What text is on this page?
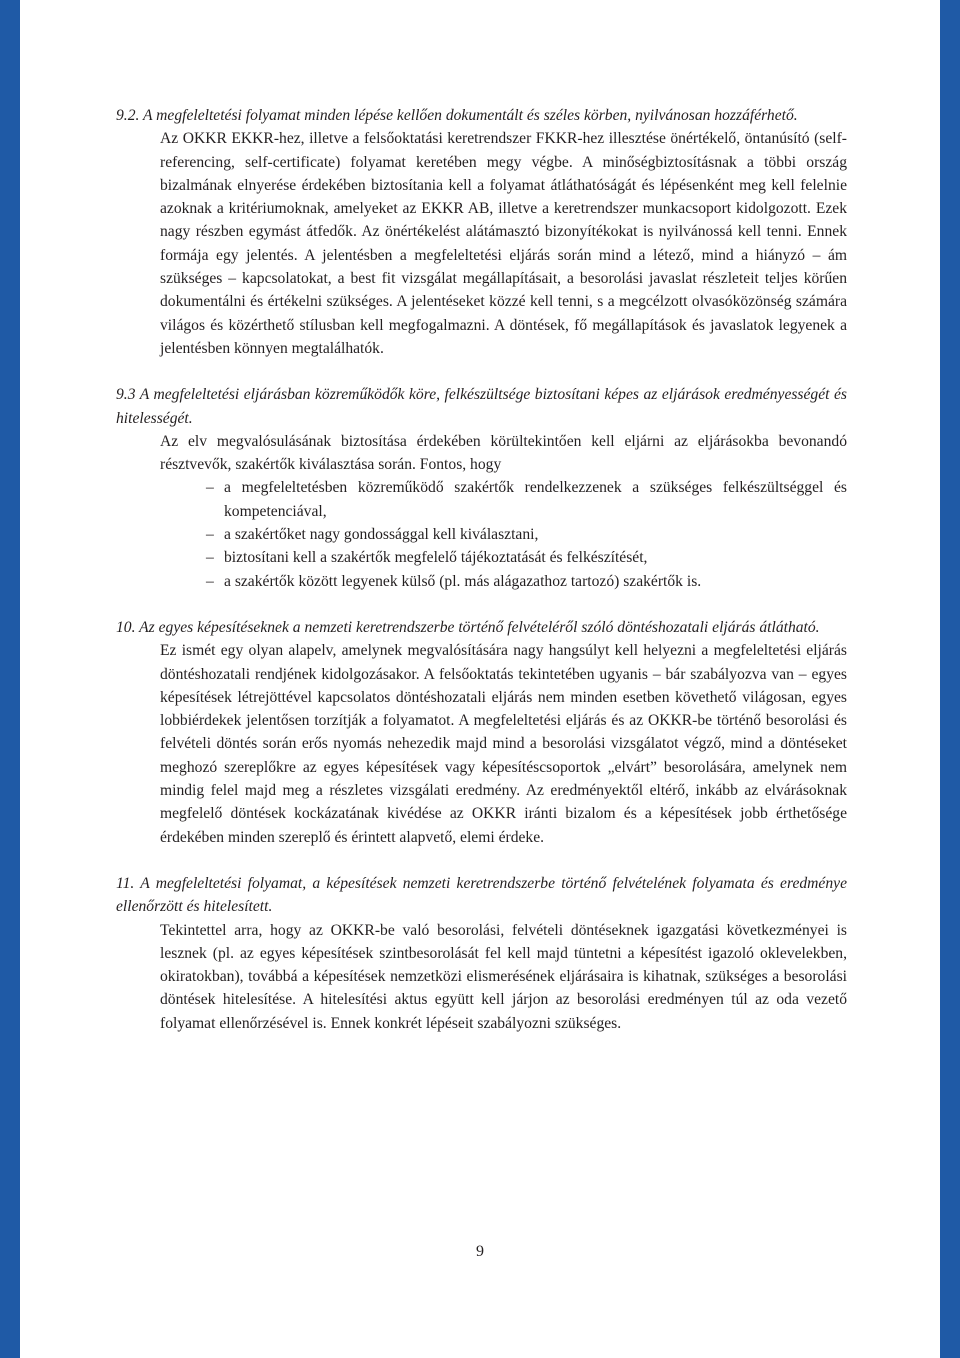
9.2. A megfeleltetési folyamat minden lépése kellően dokumentált és széles körben, nyilvánosan hozzáférhető.

Az OKKR EKKR-hez, illetve a felsőoktatási keretrendszer FKKR-hez illesztése önértékelő, öntanúsító (self-referencing, self-certificate) folyamat keretében megy végbe. A minőségbiztosításnak a többi ország bizalmának elnyerése érdekében biztosítania kell a folyamat átláthatóságát és lépésenként meg kell felelnie azoknak a kritériumoknak, amelyeket az EKKR AB, illetve a keretrendszer munkacsoport kidolgozott. Ezek nagy részben egymást átfedők. Az önértékelést alátámasztó bizonyítékokat is nyilvánossá kell tenni. Ennek formája egy jelentés. A jelentésben a megfeleltetési eljárás során mind a létező, mind a hiányzó – ám szükséges – kapcsolatokat, a best fit vizsgálat megállapításait, a besorolási javaslat részleteit teljes körűen dokumentálni és értékelni szükséges. A jelentéseket közzé kell tenni, s a megcélzott olvasóközönség számára világos és közérthető stílusban kell megfogalmazni. A döntések, fő megállapítások és javaslatok legyenek a jelentésben könnyen megtalálhatók.

9.3 A megfeleltetési eljárásban közreműködők köre, felkészültsége biztosítani képes az eljárások eredményességét és hitelességét.

Az elv megvalósulásának biztosítása érdekében körültekintően kell eljárni az eljárásokba bevonandó résztvevők, szakértők kiválasztása során. Fontos, hogy

– a megfeleltetésben közreműködő szakértők rendelkezzenek a szükséges felkészültséggel és kompetenciával,
– a szakértőket nagy gondossággal kell kiválasztani,
– biztosítani kell a szakértők megfelelő tájékoztatását és felkészítését,
– a szakértők között legyenek külső (pl. más alágazathoz tartozó) szakértők is.

10. Az egyes képesítéseknek a nemzeti keretrendszerbe történő felvételéről szóló döntéshozatali eljárás átlátható.

Ez ismét egy olyan alapelv, amelynek megvalósítására nagy hangsúlyt kell helyezni a megfeleltetési eljárás döntéshozatali rendjének kidolgozásakor. A felsőoktatás tekintetében ugyanis – bár szabályozva van – egyes képesítések létrejöttével kapcsolatos döntéshozatali eljárás nem minden esetben követhető világosan, egyes lobbiérdekek jelentősen torzítják a folyamatot. A megfeleltetési eljárás és az OKKR-be történő besorolási és felvételi döntés során erős nyomás nehezedik majd mind a besorolási vizsgálatot végző, mind a döntéseket meghozó szereplőkre az egyes képesítések vagy képesítéscsoportok „elvárt” besorolására, amelynek nem mindig felel majd meg a részletes vizsgálati eredmény. Az eredményektől eltérő, inkább az elvárásoknak megfelelő döntések kockázatának kivédése az OKKR iránti bizalom és a képesítések jobb érthetősége érdekében minden szereplő és érintett alapvető, elemi érdeke.

11. A megfeleltetési folyamat, a képesítések nemzeti keretrendszerbe történő felvételének folyamata és eredménye ellenőrzött és hitelesített.

Tekintettel arra, hogy az OKKR-be való besorolási, felvételi döntéseknek igazgatási következményei is lesznek (pl. az egyes képesítések szintbesorolását fel kell majd tüntetni a képesítést igazoló oklevelekben, okiratokban), továbbá a képesítések nemzetközi elismerésének eljárásaira is kihatnak, szükséges a besorolási döntések hitelesítése. A hitelesítési aktus együtt kell járjon az besorolási eredményen túl az oda vezető folyamat ellenőrzésével is. Ennek konkrét lépéseit szabályozni szükséges.

9
